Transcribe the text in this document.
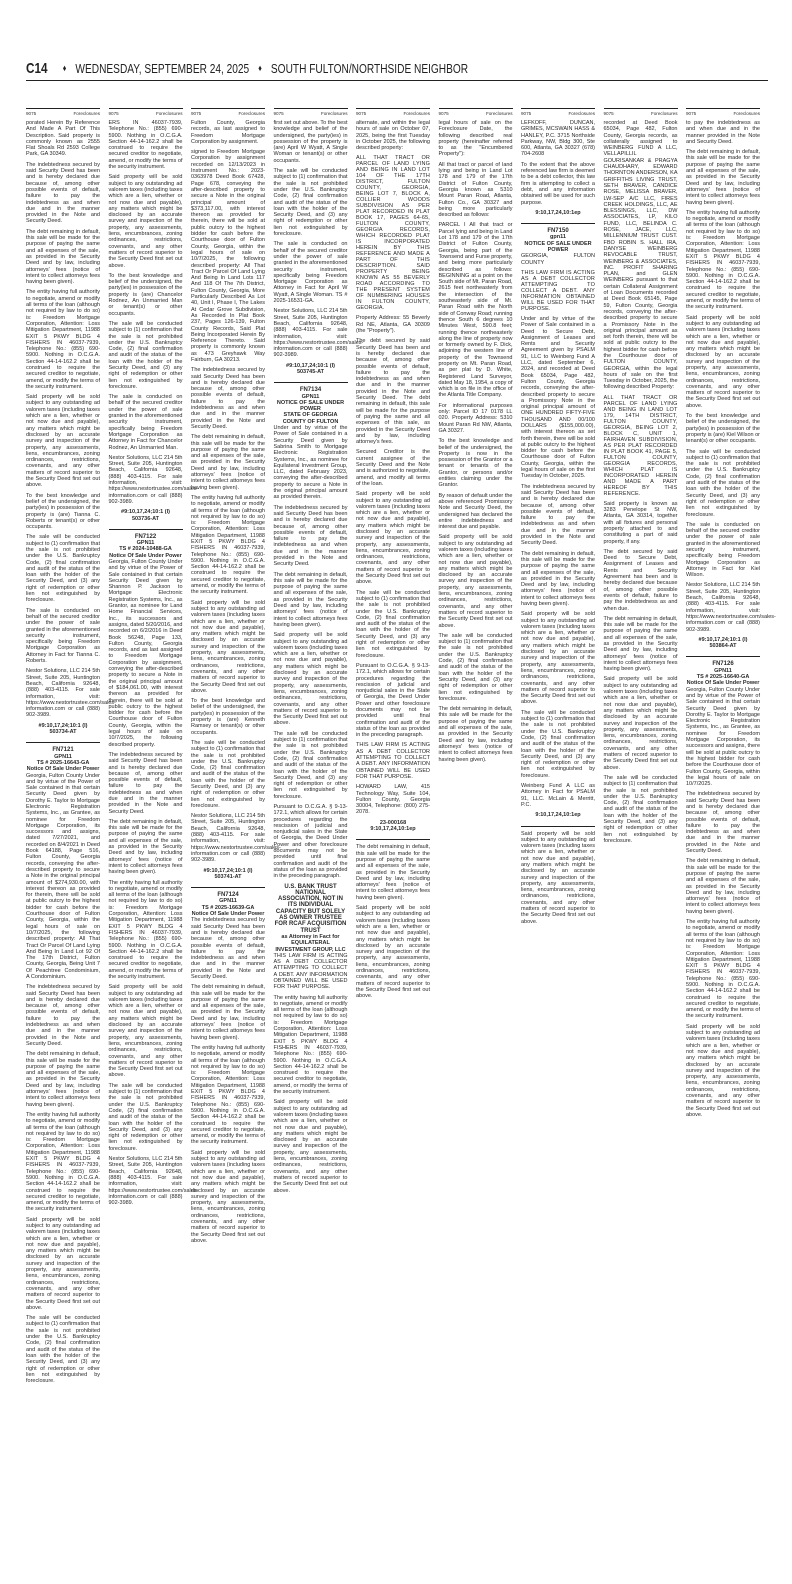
C14 ♦ WEDNESDAY, SEPTEMBER 24, 2025 ♦ SOUTH FULTON/NORTHSIDE NEIGHBOR
9075	Foreclosures

porated Herein By Reference And Made A Part Of This Description. Said property is commonly known as 2555 Flat Shoals Rd 2593 College Park, GA 30349.

The indebtedness secured by said Security Deed has been and is hereby declared due because of, among other possible events of default, failure to pay the indebtedness as and when due and in the manner provided in the Note and Security Deed.

The debt remaining in default, this sale will be made for the purpose of paying the same and all expenses of the sale, as provided in the Security Deed and by law, including attorneys' fees (notice of intent to collect attorneys fees having been given).

The entity having full authority to negotiate, amend or modify all terms of the loan (although not required by law to do so) is: Freedom Mortgage Corporation, Attention: Loss Mitigation Department, 11988 EXIT 5 PKWY BLDG 4 FISHERS IN 46037-7939, Telephone No.: (855) 690-5900. Nothing in O.C.G.A. Section 44-14-162.2 shall be construed to require the secured creditor to negotiate, amend, or modify the terms of the security instrument.

Said property will be sold subject to any outstanding ad valorem taxes (including taxes which are a lien, whether or not now due and payable), any matters which might be disclosed by an accurate survey and inspection of the property, any assessments, liens, encumbrances, zoning ordinances, restrictions, covenants, and any other matters of record superior to the Security Deed first set out above.

To the best knowledge and belief of the undersigned, the party(ies) in possession of the property is (are) Tianna C. Roberts or tenant(s) or other occupants.

The sale will be conducted subject to (1) confirmation that the sale is not prohibited under the U.S. Bankruptcy Code, (2) final confirmation and audit of the status of the loan with the holder of the Security Deed, and (3) any right of redemption or other lien not extinguished by foreclosure.

The sale is conducted on behalf of the secured creditor under the power of sale granted in the aforementioned security instrument, specifically being Freedom Mortgage Corporation as Attorney in Fact for Tianna C. Roberts.

Nestor Solutions, LLC 214 5th Street, Suite 205, Huntington Beach, California 92648, (888) 403-4115. For sale information, visit: https://www.nestortrustee.com/sales-information.com or call (888) 902-3989.

#9:10,17,24;10:1 (I)

503734-AT

FN7121

GPN11

TS # 2025-16643-GA

Notice Of Sale Under Power

Georgia, Fulton County Under and by virtue of the Power of Sale contained in that certain Security Deed given by Dorothy E. Taylor to Mortgage Electronic Registration Systems, Inc., as Grantee, as nominee for Freedom Mortgage Corporation, its successors and assigns, dated 7/27/2021, and recorded on 8/4/2021 in Deed Book 64188, Page 516, Fulton County, Georgia records, conveying the after-described property to secure a Note in the original principal amount of $274,930.00, with interest thereon as provided for therein, there will be sold at public outcry to the highest bidder for cash before the Courthouse door of Fulton County, Georgia, within the legal hours of sale on 10/7/2025, the following described property: All That Tract Or Parcel Of Land Lying And Being In Land Lot 92 Of The 17th District, Fulton County, Georgia, Being Unit 7 Of Peachtree Condominium, A Condominium.

The indebtedness secured by said Security Deed has been and is hereby declared due because of, among other possible events of default, failure to pay the indebtedness as and when due and in the manner provided in the Note and Security Deed.

The debt remaining in default, this sale will be made for the purpose of paying the same and all expenses of the sale, as provided in the Security Deed and by law, including attorneys' fees (notice of intent to collect attorneys fees having been given).

The entity having full authority to negotiate, amend or modify all terms of the loan (although not required by law to do so) is: Freedom Mortgage Corporation, Attention: Loss Mitigation Department, 11988 EXIT 5 PKWY BLDG 4 FISHERS IN 46037-7939, Telephone No.: (855) 690-5900. Nothing in O.C.G.A. Section 44-14-162.2 shall be construed to require the secured creditor to negotiate, amend, or modify the terms of the security instrument.

Said property will be sold subject to any outstanding ad valorem taxes (including taxes which are a lien, whether or not now due and payable), any matters which might be disclosed by an accurate survey and inspection of the property, any assessments, liens, encumbrances, zoning ordinances, restrictions, covenants, and any other matters of record superior to the Security Deed first set out above.

The sale will be conducted subject to (1) confirmation that the sale is not prohibited under the U.S. Bankruptcy Code, (2) final confirmation and audit of the status of the loan with the holder of the Security Deed, and (3) any right of redemption or other lien not extinguished by foreclosure.

9075	Foreclosures

ERS IN 46037-7939, Telephone No.: (855) 690-5900. Nothing in O.C.G.A. Section 44-14-162.2 shall be construed to require the secured creditor to negotiate, amend, or modify the terms of the security instrument.

Said property will be sold subject to any outstanding ad valorem taxes (including taxes which are a lien, whether or not now due and payable), any matters which might be disclosed by an accurate survey and inspection of the property, any assessments, liens, encumbrances, zoning ordinances, restrictions, covenants, and any other matters of record superior to the Security Deed first set out above.

To the best knowledge and belief of the undersigned, the party(ies) in possession of the property is (are) Chancelor Rodnez, An Unmarried Man or tenant(s) or other occupants.

The sale will be conducted subject to (1) confirmation that the sale is not prohibited under the U.S. Bankruptcy Code, (2) final confirmation and audit of the status of the loan with the holder of the Security Deed, and (3) any right of redemption or other lien not extinguished by foreclosure.

The sale is conducted on behalf of the secured creditor under the power of sale granted in the aforementioned security instrument, specifically being Freedom Mortgage Corporation as Attorney in Fact for Chancelor Rodnez, An Unmarried Man.

Nestor Solutions, LLC 214 5th Street, Suite 205, Huntington Beach, California 92648, (888) 403-4115. For sale information, visit: https://www.nestortrustee.com/sales-information.com or call (888) 902-3989.

#9:10,17,24;10:1 (I)

503736-AT

FN7122

GPN11

TS # 2024-10488-GA

Notice Of Sale Under Power

Georgia, Fulton County Under and by virtue of the Power of Sale contained in that certain Security Deed given by Shannon P. Jackson to Mortgage Electronic Registration Systems, Inc., as Grantor, as nominee for Land Home Financial Services, Inc., its successors and assigns, dated 5/20/2016, and recorded on 6/2/2016 in Deed Book 56248, Page 133, Fulton County, Georgia records, and as last assigned to Freedom Mortgage Corporation by assignment, conveying the after-described property to secure a Note in the original principal amount of $184,061.00, with interest thereon as provided for therein, there will be sold at public outcry to the highest bidder for cash before the Courthouse door of Fulton County, Georgia, within the legal hours of sale on 10/7/2025, the following described property.

The indebtedness secured by said Security Deed has been and is hereby declared due because of, among other possible events of default, failure to pay the indebtedness as and when due and in the manner provided in the Note and Security Deed.

The debt remaining in default, this sale will be made for the purpose of paying the same and all expenses of the sale, as provided in the Security Deed and by law, including attorneys' fees (notice of intent to collect attorneys fees having been given).

The entity having full authority to negotiate, amend or modify all terms of the loan (although not required by law to do so) is: Freedom Mortgage Corporation, Attention: Loss Mitigation Department, 11988 EXIT 5 PKWY BLDG 4 FISHERS IN 46037-7939, Telephone No.: (855) 690-5900. Nothing in O.C.G.A. Section 44-14-162.2 shall be construed to require the secured creditor to negotiate, amend, or modify the terms of the security instrument.

Said property will be sold subject to any outstanding ad valorem taxes (including taxes which are a lien, whether or not now due and payable), any matters which might be disclosed by an accurate survey and inspection of the property, any assessments, liens, encumbrances, zoning ordinances, restrictions, covenants, and any other matters of record superior to the Security Deed first set out above.

The sale will be conducted subject to (1) confirmation that the sale is not prohibited under the U.S. Bankruptcy Code, (2) final confirmation and audit of the status of the loan with the holder of the Security Deed, and (3) any right of redemption or other lien not extinguished by foreclosure.

Nestor Solutions, LLC 214 5th Street, Suite 205, Huntington Beach, California 92648, (888) 403-4115. For sale information, visit: https://www.nestortrustee.com/sales-information.com or call (888) 902-3989.

9075	Foreclosures

Fulton County, Georgia records, as last assigned to Freedom Mortgage Corporation by assignment.

signed to Freedom Mortgage Corporation by assignment recorded on 12/13/2023 in Instrument No.: 2023-0363978 Deed Book 67428, Page 678, conveying the after-described property to secure a Note in the original principal amount of $373,117.00, with interest thereon as provided for therein, there will be sold at public outcry to the highest bidder for cash before the Courthouse door of Fulton County, Georgia, within the legal hours of sale on 10/7/2025, the following described property: All That Tract Or Parcel Of Land Lying And Being In Land Lots 117 And 118 Of The 7th District, Fulton County, Georgia, More Particularly Described As Lot 40, Unit I, Phase I, The Lakes At Cedar Grove Subdivision, As Recorded In Plat Book 237, Pages 126-139, Fulton County Records, Said Plat Being Incorporated Herein By Reference Thereto. Said property is commonly known as 473 Greyhawk Way Fairburn, GA 30213.

The indebtedness secured by said Security Deed has been and is hereby declared due because of, among other possible events of default, failure to pay the indebtedness as and when due and in the manner provided in the Note and Security Deed.

The debt remaining in default, this sale will be made for the purpose of paying the same and all expenses of the sale, as provided in the Security Deed and by law, including attorneys' fees (notice of intent to collect attorneys fees having been given).

The entity having full authority to negotiate, amend or modify all terms of the loan (although not required by law to do so) is: Freedom Mortgage Corporation, Attention: Loss Mitigation Department, 11988 EXIT 5 PKWY BLDG 4 FISHERS IN 46037-7939, Telephone No.: (855) 690-5900. Nothing in O.C.G.A. Section 44-14-162.2 shall be construed to require the secured creditor to negotiate, amend, or modify the terms of the security instrument.

Said property will be sold subject to any outstanding ad valorem taxes (including taxes which are a lien, whether or not now due and payable), any matters which might be disclosed by an accurate survey and inspection of the property, any assessments, liens, encumbrances, zoning ordinances, restrictions, covenants, and any other matters of record superior to the Security Deed first set out above.

To the best knowledge and belief of the undersigned, the party(ies) in possession of the property is (are) Kenneth Ramsey or tenant(s) or other occupants.

The sale will be conducted subject to (1) confirmation that the sale is not prohibited under the U.S. Bankruptcy Code, (2) final confirmation and audit of the status of the loan with the holder of the Security Deed, and (3) any right of redemption or other lien not extinguished by foreclosure.

Nestor Solutions, LLC 214 5th Street, Suite 205, Huntington Beach, California 92648, (888) 403-4115. For sale information, visit: https://www.nestortrustee.com/sales-information.com or call (888) 902-3989.

#9:10,17,24;10:1 (I)

503741-AT

FN7124

GPN11

TS # 2025-16639-GA

Notice Of Sale Under Power

The indebtedness secured by said Security Deed has been and is hereby declared due because of, among other possible events of default, failure to pay the indebtedness as and when due and in the manner provided in the Note and Security Deed.

The debt remaining in default, this sale will be made for the purpose of paying the same and all expenses of the sale, as provided in the Security Deed and by law, including attorneys' fees (notice of intent to collect attorneys fees having been given).

The entity having full authority to negotiate, amend or modify all terms of the loan (although not required by law to do so) is: Freedom Mortgage Corporation, Attention: Loss Mitigation Department, 11988 EXIT 5 PKWY BLDG 4 FISHERS IN 46037-7939, Telephone No.: (855) 690-5900. Nothing in O.C.G.A. Section 44-14-162.2 shall be construed to require the secured creditor to negotiate, amend, or modify the terms of the security instrument.

Said property will be sold subject to any outstanding ad valorem taxes (including taxes which are a lien, whether or not now due and payable), any matters which might be disclosed by an accurate survey and inspection of the property, any assessments, liens, encumbrances, zoning ordinances, restrictions, covenants, and any other matters of record superior to the Security Deed first set out above.

9075	Foreclosures

first set out above. To the best knowledge and belief of the undersigned, the party(ies) in possession of the property is (are) April W Wyatt, A Single Woman or tenant(s) or other occupants.

The sale will be conducted subject to (1) confirmation that the sale is not prohibited under the U.S. Bankruptcy Code, (2) final confirmation and audit of the status of the loan with the holder of the Security Deed, and (3) any right of redemption or other lien not extinguished by foreclosure.

The sale is conducted on behalf of the secured creditor under the power of sale granted in the aforementioned security instrument, specifically being Freedom Mortgage Corporation as Attorney in Fact for April W Wyatt, A Single Woman. TS # 2025-16531-GA.

Nestor Solutions, LLC 214 5th Street, Suite 205, Huntington Beach, California 92648, (888) 403-4115. For sale information, visit: https://www.nestortrustee.com/sales-information.com or call (888) 902-3989.

#9:10,17,24;10:1 (I)

503745-AT

FN7134

GPN11

NOTICE OF SALE UNDER POWER

STATE OF GEORGIA

COUNTY OF FULTON

Under and by virtue of the Power of Sale contained in a Security Deed given by Sabrina Smith to Mortgage Electronic Registration Systems, Inc., as nominee for Equilateral Investment Group, LLC, dated February 2023, conveying the after-described property to secure a Note in the original principal amount as provided therein.

The indebtedness secured by said Security Deed has been and is hereby declared due because of, among other possible events of default, failure to pay the indebtedness as and when due and in the manner provided in the Note and Security Deed.

The debt remaining in default, this sale will be made for the purpose of paying the same and all expenses of the sale, as provided in the Security Deed and by law, including attorneys' fees (notice of intent to collect attorneys fees having been given).

Said property will be sold subject to any outstanding ad valorem taxes (including taxes which are a lien, whether or not now due and payable), any matters which might be disclosed by an accurate survey and inspection of the property, any assessments, liens, encumbrances, zoning ordinances, restrictions, covenants, and any other matters of record superior to the Security Deed first set out above.

The sale will be conducted subject to (1) confirmation that the sale is not prohibited under the U.S. Bankruptcy Code, (2) final confirmation and audit of the status of the loan with the holder of the Security Deed, and (3) any right of redemption or other lien not extinguished by foreclosure.

Pursuant to O.C.G.A. § 9-13-172.1, which allows for certain procedures regarding the rescission of judicial and nonjudicial sales in the State of Georgia, the Deed Under Power and other foreclosure documents may not be provided until final confirmation and audit of the status of the loan as provided in the preceding paragraph.

U.S. BANK TRUST NATIONAL ASSOCIATION, NOT IN ITS INDIVIDUAL CAPACITY BUT SOLELY AS OWNER TRUSTEE FOR RCAF ACQUISITION TRUST

as Attorney in Fact for

EQUILATERAL INVESTMENT GROUP, LLC

THIS LAW FIRM IS ACTING AS A DEBT COLLECTOR ATTEMPTING TO COLLECT A DEBT. ANY INFORMATION OBTAINED WILL BE USED FOR THAT PURPOSE.

The entity having full authority to negotiate, amend or modify all terms of the loan (although not required by law to do so) is: Freedom Mortgage Corporation, Attention: Loss Mitigation Department, 11988 EXIT 5 PKWY BLDG 4 FISHERS IN 46037-7939, Telephone No.: (855) 690-5900. Nothing in O.C.G.A. Section 44-14-162.2 shall be construed to require the secured creditor to negotiate, amend, or modify the terms of the security instrument.

Said property will be sold subject to any outstanding ad valorem taxes (including taxes which are a lien, whether or not now due and payable), any matters which might be disclosed by an accurate survey and inspection of the property, any assessments, liens, encumbrances, zoning ordinances, restrictions, covenants, and any other matters of record superior to the Security Deed first set out above.

9075	Foreclosures

alternate, and within the legal hours of sale on October 07, 2025, being the first Tuesday in October 2025, the following described property:

ALL THAT TRACT OR PARCEL OF LAND LYING AND BEING IN LAND LOT 104 OF THE 17TH DISTRICT, FULTON COUNTY, GEORGIA, BEING LOT 7, BLOCK A, COLLIER WOODS SUBDIVISION AS PER PLAT RECORDED IN PLAT BOOK 17, PAGES 64-65, FULTON COUNTY, GEORGIA RECORDS, WHICH RECORDED PLAT IS INCORPORATED HEREIN BY THIS REFERENCE AND MADE A PART OF THIS DESCRIPTION. SAID PROPERTY BEING KNOWN AS 55 BEVERLY ROAD ACCORDING TO THE PRESENT SYSTEM OF NUMBERING HOUSES IN FULTON COUNTY, GEORGIA.

Property Address: 55 Beverly Rd NE, Atlanta, GA 30309 (the "Property").

The debt secured by said Security Deed has been and is hereby declared due because of, among other possible events of default, failure to pay the indebtedness as and when due and in the manner provided in the Note and Security Deed. The debt remaining in default, this sale will be made for the purpose of paying the same and all expenses of this sale, as provided in the Security Deed and by law, including attorney's fees.

Secured Creditor is the current assignee of the Security Deed and the Note and is authorized to negotiate, amend, and modify all terms of the loan.

Said property will be sold subject to any outstanding ad valorem taxes (including taxes which are a lien, whether or not now due and payable), any matters which might be disclosed by an accurate survey and inspection of the property, any assessments, liens, encumbrances, zoning ordinances, restrictions, covenants, and any other matters of record superior to the Security Deed first set out above.

The sale will be conducted subject to (1) confirmation that the sale is not prohibited under the U.S. Bankruptcy Code, (2) final confirmation and audit of the status of the loan with the holder of the Security Deed, and (3) any right of redemption or other lien not extinguished by foreclosure.

Pursuant to O.C.G.A. § 9-13-172.1, which allows for certain procedures regarding the rescission of judicial and nonjudicial sales in the State of Georgia, the Deed Under Power and other foreclosure documents may not be provided until final confirmation and audit of the status of the loan as provided in the preceding paragraph.

THIS LAW FIRM IS ACTING AS A DEBT COLLECTOR ATTEMPTING TO COLLECT A DEBT. ANY INFORMATION OBTAINED WILL BE USED FOR THAT PURPOSE.

HOWARD LAW, 415 Technology Way, Suite 104, Fulton County, Georgia 30004, Telephone: (800) 275-2078.

23-000168

9:10,17,24,10:1ep

The debt remaining in default, this sale will be made for the purpose of paying the same and all expenses of the sale, as provided in the Security Deed and by law, including attorneys' fees (notice of intent to collect attorneys fees having been given).

Said property will be sold subject to any outstanding ad valorem taxes (including taxes which are a lien, whether or not now due and payable), any matters which might be disclosed by an accurate survey and inspection of the property, any assessments, liens, encumbrances, zoning ordinances, restrictions, covenants, and any other matters of record superior to the Security Deed first set out above.

9075	Foreclosures

legal hours of sale on the Foreclosure Date, the following described real property (hereinafter referred to as the "Encumbered Property"):

All that tract or parcel of land lying and being in Land Lot 178 and 179 of the 17th District of Fulton County, Georgia known as 5310 Mount Paran Road, Atlanta, Fulton Co., GA 30327 and being more particularly described as follows:

PARCEL I All that tract or Parcel lying and being in Land Lot 178 and 179 of the 17th District of Fulton County, Georgia, being part of the Townsend and Furse property, and being more particularly described as follows: BEGINNING at a point on the South side of Mt. Paran Road, 2615 feet northeasterly from the intersection of the southeasterly side of Mt. Paran Road with the North side of Conway Road; running thence South 6 degrees 10 Minutes West, 590.8 feet; running thence northeasterly along the line of property now or formerly owned by F. Dick, adjoining the western line of property of the Townsend property on Mt. Paran Road, as per plat by D. White, Registered Land Surveyor, dated May 18, 1954, a copy of which is on file in the office of the Atlanta Title Company.

For informational purposes only: Parcel ID 17 0178 LL 020. Property Address: 5310 Mount Paran Rd NW, Atlanta, GA 30327.

To the best knowledge and belief of the undersigned, the Property is now in the possession of the Grantor or a tenant or tenants of the Grantor, or persons and/or entities claiming under the Grantor.

By reason of default under the above referenced Promissory Note and Security Deed, the undersigned has declared the entire indebtedness and interest due and payable.

Said property will be sold subject to any outstanding ad valorem taxes (including taxes which are a lien, whether or not now due and payable), any matters which might be disclosed by an accurate survey and inspection of the property, any assessments, liens, encumbrances, zoning ordinances, restrictions, covenants, and any other matters of record superior to the Security Deed first set out above.

The sale will be conducted subject to (1) confirmation that the sale is not prohibited under the U.S. Bankruptcy Code, (2) final confirmation and audit of the status of the loan with the holder of the Security Deed, and (3) any right of redemption or other lien not extinguished by foreclosure.

The debt remaining in default, this sale will be made for the purpose of paying the same and all expenses of the sale, as provided in the Security Deed and by law, including attorneys' fees (notice of intent to collect attorneys fees having been given).

9075	Foreclosures

LEFKOFF, DUNCAN, GRIMES, MCSWAIN HASS & HANLEY, P.C. 3715 Northside Parkway, NW, Bldg 300, Ste 600, Atlanta, GA 30327 (678) 704-2608

To the extent that the above referenced law firm is deemed to be a debt collector, this law firm is attempting to collect a debt, and any information obtained will be used for such purpose.

9:10,17,24,10:1ep

FN7150

gpn11

NOTICE OF SALE UNDER POWER

GEORGIA, FULTON COUNTY

THIS LAW FIRM IS ACTING AS A DEBT COLLECTOR ATTEMPTING TO COLLECT A DEBT. ANY INFORMATION OBTAINED WILL BE USED FOR THAT PURPOSE.

Under and by virtue of the Power of Sale contained in a Deed to Secure Debt, Assignment of Leases and Rents and Security Agreement given by PSALM 91, LLC to Weinberg Fund A LLC, dated September 6, 2024, and recorded at Deed Book 65034, Page 482, Fulton County, Georgia records, conveying the after-described property to secure a Promissory Note in the original principal amount of ONE HUNDRED FIFTY-FIVE THOUSAND AND 00/100 DOLLARS ($155,000.00), with interest thereon as set forth therein, there will be sold at public outcry to the highest bidder for cash before the Courthouse door of Fulton County, Georgia, within the legal hours of sale on the first Tuesday in October, 2025.

The indebtedness secured by said Security Deed has been and is hereby declared due because of, among other possible events of default, failure to pay the indebtedness as and when due and in the manner provided in the Note and Security Deed.

The debt remaining in default, this sale will be made for the purpose of paying the same and all expenses of the sale, as provided in the Security Deed and by law, including attorneys' fees (notice of intent to collect attorneys fees having been given).

Said property will be sold subject to any outstanding ad valorem taxes (including taxes which are a lien, whether or not now due and payable), any matters which might be disclosed by an accurate survey and inspection of the property, any assessments, liens, encumbrances, zoning ordinances, restrictions, covenants, and any other matters of record superior to the Security Deed first set out above.

The sale will be conducted subject to (1) confirmation that the sale is not prohibited under the U.S. Bankruptcy Code, (2) final confirmation and audit of the status of the loan with the holder of the Security Deed, and (3) any right of redemption or other lien not extinguished by foreclosure.

Weinberg Fund A LLC as Attorney in Fact for PSALM 91, LLC. McLain & Merritt, P.C.

9:10,17,24,10:1ep

Said property will be sold subject to any outstanding ad valorem taxes (including taxes which are a lien, whether or not now due and payable), any matters which might be disclosed by an accurate survey and inspection of the property, any assessments, liens, encumbrances, zoning ordinances, restrictions, covenants, and any other matters of record superior to the Security Deed first set out above.

9075	Foreclosures

recorded at Deed Book 65034, Page 482, Fulton County, Georgia records, as collaterally assigned to WEINBERG FUND A LLC, VELLAPILLIL GOURISANKAR & PRAGYA CHAUDHARY, EDWARD THORNTON ANDERSON, KA GRIFFITHS LIVING TRUST, SETH BRAVER, CANDICE ROSE, MELISSA BRAVER, LW-SEP A/C LLC, FIRES CREEK HOLDINGS, LLC, AE BLESSINGS, LLC, DW ASSOCIATES, LP, KILO FUND, LLC, BELINDA C. ROSE, JACE, LLC, MILLENNIUM TRUST CUST. FBO ROBIN S. HALL IRA, DANYSE WEINBERG REVOCABLE TRUST, WEINBERG & ASSOCIATES, INC. PROFIT SHARING PLAN, and GLEN WEINBERG pursuant to that certain Collateral Assignment of Loan Documents recorded at Deed Book 65145, Page 59, Fulton County, Georgia records, conveying the after-described property to secure a Promissory Note in the original principal amount as set forth therein, there will be sold at public outcry to the highest bidder for cash before the Courthouse door of FULTON COUNTY, GEORGIA, within the legal hours of sale on the first Tuesday in October, 2025, the following described Property:

ALL THAT TRACT OR PARCEL OF LAND LYING AND BEING IN LAND LOT 179, 14TH DISTRICT, FULTON COUNTY, GEORGIA, BEING LOT 2, BLOCK C, UNIT 1, FAIRHAVEN SUBDIVISION, AS PER PLAT RECORDED IN PLAT BOOK 41, PAGE 5, FULTON COUNTY, GEORGIA RECORDS, WHICH PLAT IS INCORPORATED HEREIN AND MADE A PART HEREOF BY THIS REFERENCE.

Said property is known as 3283 Penelope St NW, Atlanta, GA 30314, together with all fixtures and personal property attached to and constituting a part of said property, if any.

The debt secured by said Deed to Secure Debt, Assignment of Leases and Rents and Security Agreement has been and is hereby declared due because of, among other possible events of default, failure to pay the indebtedness as and when due.

The debt remaining in default, this sale will be made for the purpose of paying the same and all expenses of the sale, as provided in the Security Deed and by law, including attorneys' fees (notice of intent to collect attorneys fees having been given).

Said property will be sold subject to any outstanding ad valorem taxes (including taxes which are a lien, whether or not now due and payable), any matters which might be disclosed by an accurate survey and inspection of the property, any assessments, liens, encumbrances, zoning ordinances, restrictions, covenants, and any other matters of record superior to the Security Deed first set out above.

The sale will be conducted subject to (1) confirmation that the sale is not prohibited under the U.S. Bankruptcy Code, (2) final confirmation and audit of the status of the loan with the holder of the Security Deed, and (3) any right of redemption or other lien not extinguished by foreclosure.

9075	Foreclosures

to pay the indebtedness as and when due and in the manner provided in the Note and Security Deed.

The debt remaining in default, this sale will be made for the purpose of paying the same and all expenses of the sale, as provided in the Security Deed and by law, including attorneys' fees (notice of intent to collect attorneys fees having been given).

The entity having full authority to negotiate, amend or modify all terms of the loan (although not required by law to do so) is: Freedom Mortgage Corporation, Attention: Loss Mitigation Department, 11988 EXIT 5 PKWY BLDG 4 FISHERS IN 46037-7939, Telephone No.: (855) 690-5900. Nothing in O.C.G.A. Section 44-14-162.2 shall be construed to require the secured creditor to negotiate, amend, or modify the terms of the security instrument.

Said property will be sold subject to any outstanding ad valorem taxes (including taxes which are a lien, whether or not now due and payable), any matters which might be disclosed by an accurate survey and inspection of the property, any assessments, liens, encumbrances, zoning ordinances, restrictions, covenants, and any other matters of record superior to the Security Deed first set out above.

To the best knowledge and belief of the undersigned, the party(ies) in possession of the property is (are) Kiel Wilson or tenant(s) or other occupants.

The sale will be conducted subject to (1) confirmation that the sale is not prohibited under the U.S. Bankruptcy Code, (2) final confirmation and audit of the status of the loan with the holder of the Security Deed, and (3) any right of redemption or other lien not extinguished by foreclosure.

The sale is conducted on behalf of the secured creditor under the power of sale granted in the aforementioned security instrument, specifically being Freedom Mortgage Corporation as Attorney in Fact for Kiel Wilson.

Nestor Solutions, LLC 214 5th Street, Suite 205, Huntington Beach, California 92648, (888) 403-4115. For sale information, visit: https://www.nestortrustee.com/sales-information.com or call (888) 902-3989.

#9:10,17,24;10:1 (I)

503864-AT

FN7126

GPN11

TS # 2025-16640-GA

Notice Of Sale Under Power

Georgia, Fulton County Under and by virtue of the Power of Sale contained in that certain Security Deed given by Dorothy E. Taylor to Mortgage Electronic Registration Systems, Inc., as Grantee, as nominee for Freedom Mortgage Corporation, its successors and assigns, there will be sold at public outcry to the highest bidder for cash before the Courthouse door of Fulton County, Georgia, within the legal hours of sale on 10/7/2025.

The indebtedness secured by said Security Deed has been and is hereby declared due because of, among other possible events of default, failure to pay the indebtedness as and when due and in the manner provided in the Note and Security Deed.

The debt remaining in default, this sale will be made for the purpose of paying the same and all expenses of the sale, as provided in the Security Deed and by law, including attorneys' fees (notice of intent to collect attorneys fees having been given).

The entity having full authority to negotiate, amend or modify all terms of the loan (although not required by law to do so) is: Freedom Mortgage Corporation, Attention: Loss Mitigation Department, 11988 EXIT 5 PKWY BLDG 4 FISHERS IN 46037-7939, Telephone No.: (855) 690-5900. Nothing in O.C.G.A. Section 44-14-162.2 shall be construed to require the secured creditor to negotiate, amend, or modify the terms of the security instrument.

Said property will be sold subject to any outstanding ad valorem taxes (including taxes which are a lien, whether or not now due and payable), any matters which might be disclosed by an accurate survey and inspection of the property, any assessments, liens, encumbrances, zoning ordinances, restrictions, covenants, and any other matters of record superior to the Security Deed first set out above.
